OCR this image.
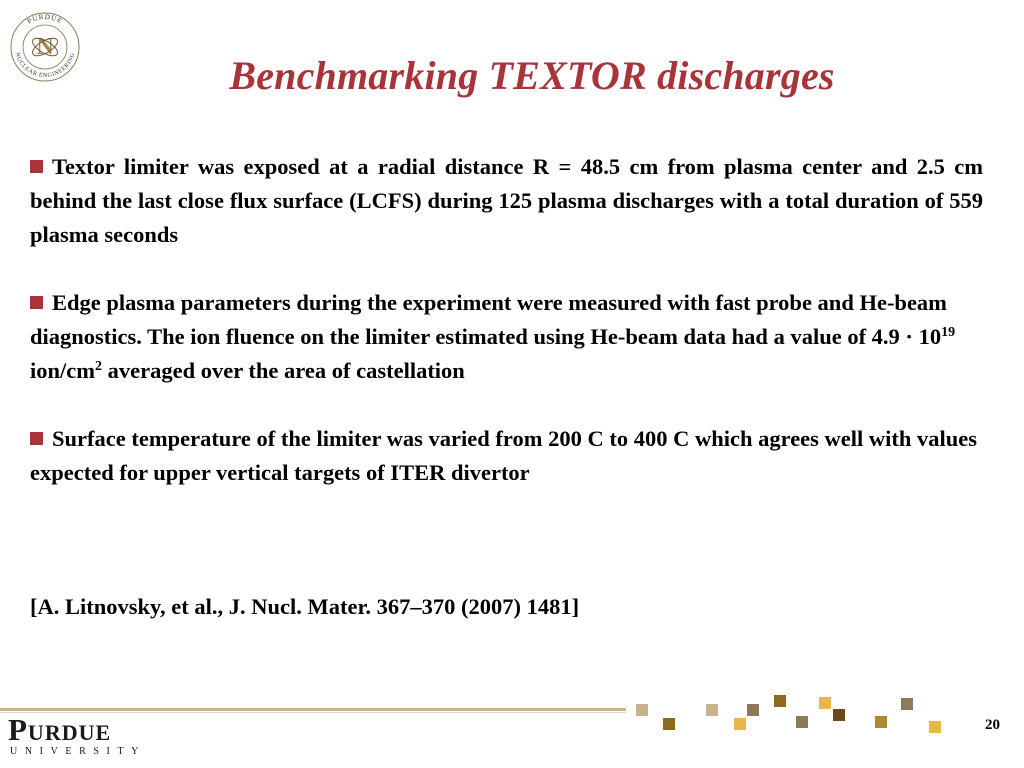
N
PURDUE
NUCLEAR ENGINEERING	Benchmarking TEXTOR discharges

Textor limiter was exposed at a radial distance R = 48.5 cm from plasma center and 2.5 cm behind the last close flux surface (LCFS) during 125 plasma discharges with a total duration of 559 plasma seconds

Edge plasma parameters during the experiment were measured with fast probe and He-beam diagnostics. The ion fluence on the limiter estimated using He-beam data had a value of $4.9 \cdot 10^{19}$ ion/$cm^2$ averaged over the area of castellation

Surface temperature of the limiter was varied from 200 C to 400 C which agrees well with values expected for upper vertical targets of ITER divertor

[A. Litnovsky, et al., J. Nucl. Mater. 367–370 (2007) 1481]
Purdue
UNIVERSITY
20
